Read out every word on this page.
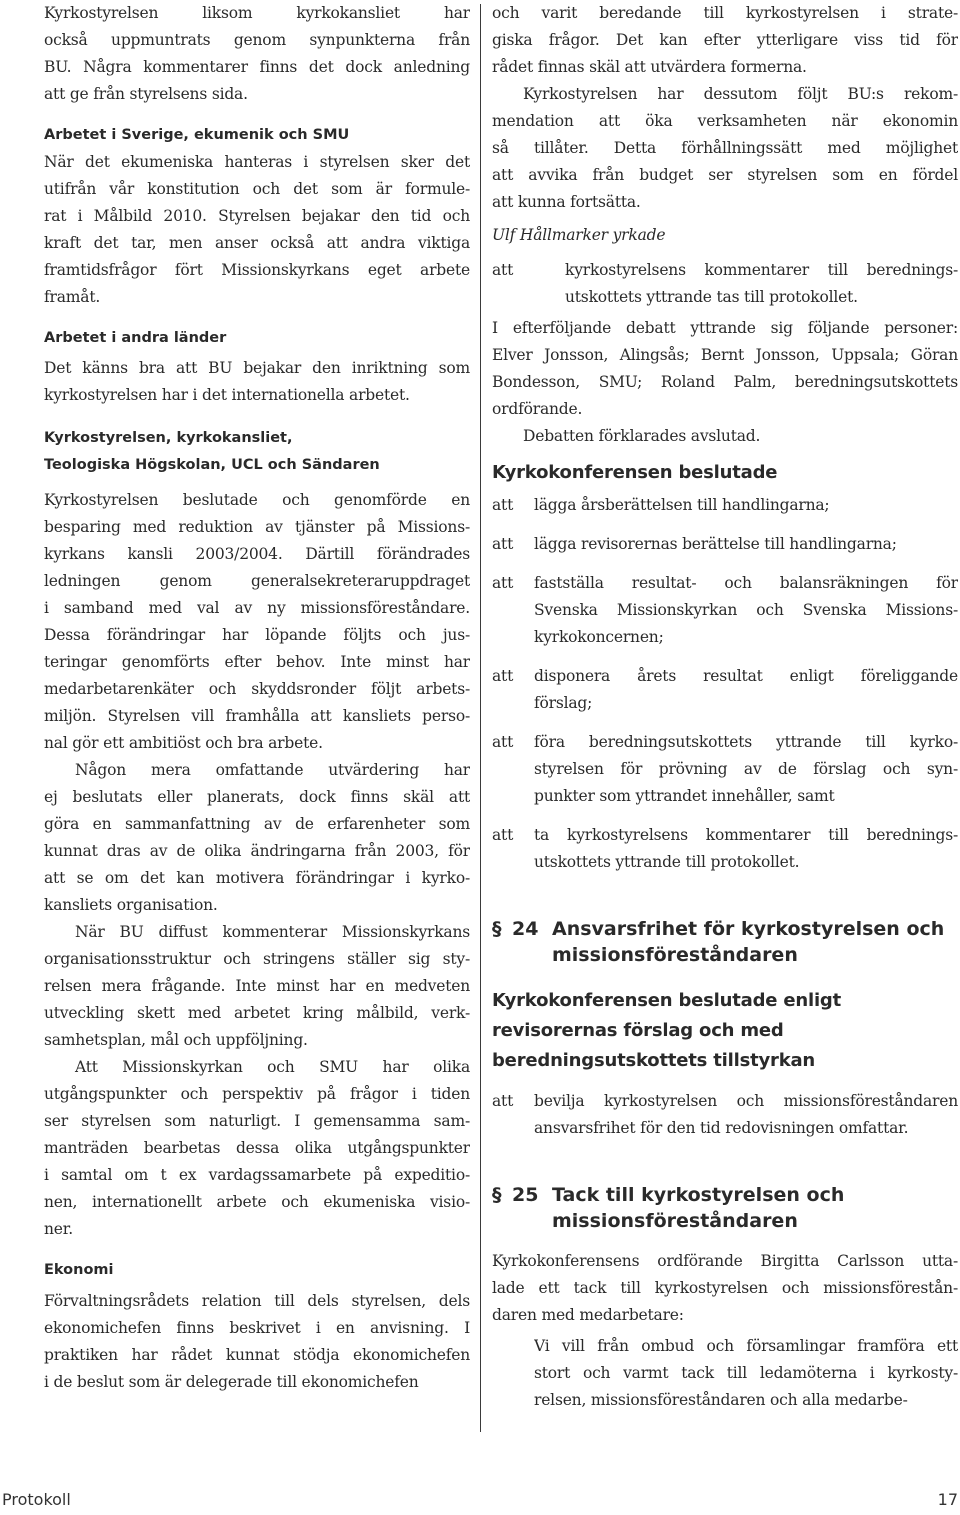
Kyrkostyrelsen liksom kyrkokansliet har
också uppmuntrats genom synpunkterna från
BU. Några kommentarer finns det dock anledning
att ge från styrelsens sida.
Arbetet i Sverige, ekumenik och SMU
När det ekumeniska hanteras i styrelsen sker det
utifrån vår konstitution och det som är formule-
rat i Målbild 2010. Styrelsen bejakar den tid och
kraft det tar, men anser också att andra viktiga
framtidsfrågor fört Missionskyrkans eget arbete
framåt.
Arbetet i andra länder
Det känns bra att BU bejakar den inriktning som
kyrkostyrelsen har i det internationella arbetet.
Kyrkostyrelsen, kyrkokansliet,
Teologiska Högskolan, UCL och Sändaren
Kyrkostyrelsen beslutade och genomförde en
besparing med reduktion av tjänster på Missions-
kyrkans kansli 2003/2004. Därtill förändrades
ledningen genom generalsekreteraruppdraget
i samband med val av ny missionsföreståndare.
Dessa förändringar har löpande följts och jus-
teringar genomförts efter behov. Inte minst har
medarbetarenkäter och skyddsronder följt arbets-
miljön. Styrelsen vill framhålla att kansliets perso-
nal gör ett ambitiöst och bra arbete.
Någon mera omfattande utvärdering har
ej beslutats eller planerats, dock finns skäl att
göra en sammanfattning av de erfarenheter som
kunnat dras av de olika ändringarna från 2003, för
att se om det kan motivera förändringar i kyrko-
kansliets organisation.
När BU diffust kommenterar Missionskyrkans
organisationsstruktur och stringens ställer sig sty-
relsen mera frågande. Inte minst har en medveten
utveckling skett med arbetet kring målbild, verk-
samhetsplan, mål och uppföljning.
Att Missionskyrkan och SMU har olika
utgångspunkter och perspektiv på frågor i tiden
ser styrelsen som naturligt. I gemensamma sam-
manträden bearbetas dessa olika utgångspunkter
i samtal om t ex vardagssamarbete på expeditio-
nen, internationellt arbete och ekumeniska visio-
ner.
Ekonomi
Förvaltningsrådets relation till dels styrelsen, dels
ekonomichefen finns beskrivet i en anvisning. I
praktiken har rådet kunnat stödja ekonomichefen
i de beslut som är delegerade till ekonomichefen
och varit beredande till kyrkostyrelsen i strate-
giska frågor. Det kan efter ytterligare viss tid för
rådet finnas skäl att utvärdera formerna.
Kyrkostyrelsen har dessutom följt BU:s rekom-
mendation att öka verksamheten när ekonomin
så tillåter. Detta förhållningssätt med möjlighet
att avvika från budget ser styrelsen som en fördel
att kunna fortsätta.
Ulf Hållmarker yrkade
att	kyrkostyrelsens kommentarer till berednings-
utskottets yttrande tas till protokollet.
I efterföljande debatt yttrande sig följande personer:
Elver Jonsson, Alingsås; Bernt Jonsson, Uppsala; Göran
Bondesson, SMU; Roland Palm, beredningsutskottets
ordförande.
Debatten förklarades avslutad.
Kyrkokonferensen beslutade
att	lägga årsberättelsen till handlingarna;
att	lägga revisorernas berättelse till handlingarna;
att	fastställa resultat- och balansräkningen för
Svenska Missionskyrkan och Svenska Missions-
kyrkokoncernen;
att	disponera årets resultat enligt föreliggande
förslag;
att	föra beredningsutskottets yttrande till kyrko-
styrelsen för prövning av de förslag och syn-
punkter som yttrandet innehåller, samt
att	ta kyrkostyrelsens kommentarer till berednings-
utskottets yttrande till protokollet.
§ 24 Ansvarsfrihet för kyrkostyrelsen och
missionsföreståndaren
Kyrkokonferensen beslutade enligt
revisorernas förslag och med
beredningsutskottets tillstyrkan
att	bevilja kyrkostyrelsen och missionsföreståndaren
ansvarsfrihet för den tid redovisningen omfattar.
§ 25 Tack till kyrkostyrelsen och
missionsföreståndaren
Kyrkokonferensens ordförande Birgitta Carlsson utta-
lade ett tack till kyrkostyrelsen och missionsförestån-
daren med medarbetare:
Vi vill från ombud och församlingar framföra ett
stort och varmt tack till ledamöterna i kyrkosty-
relsen, missionsföreståndaren och alla medarbe-
Protokoll	17
